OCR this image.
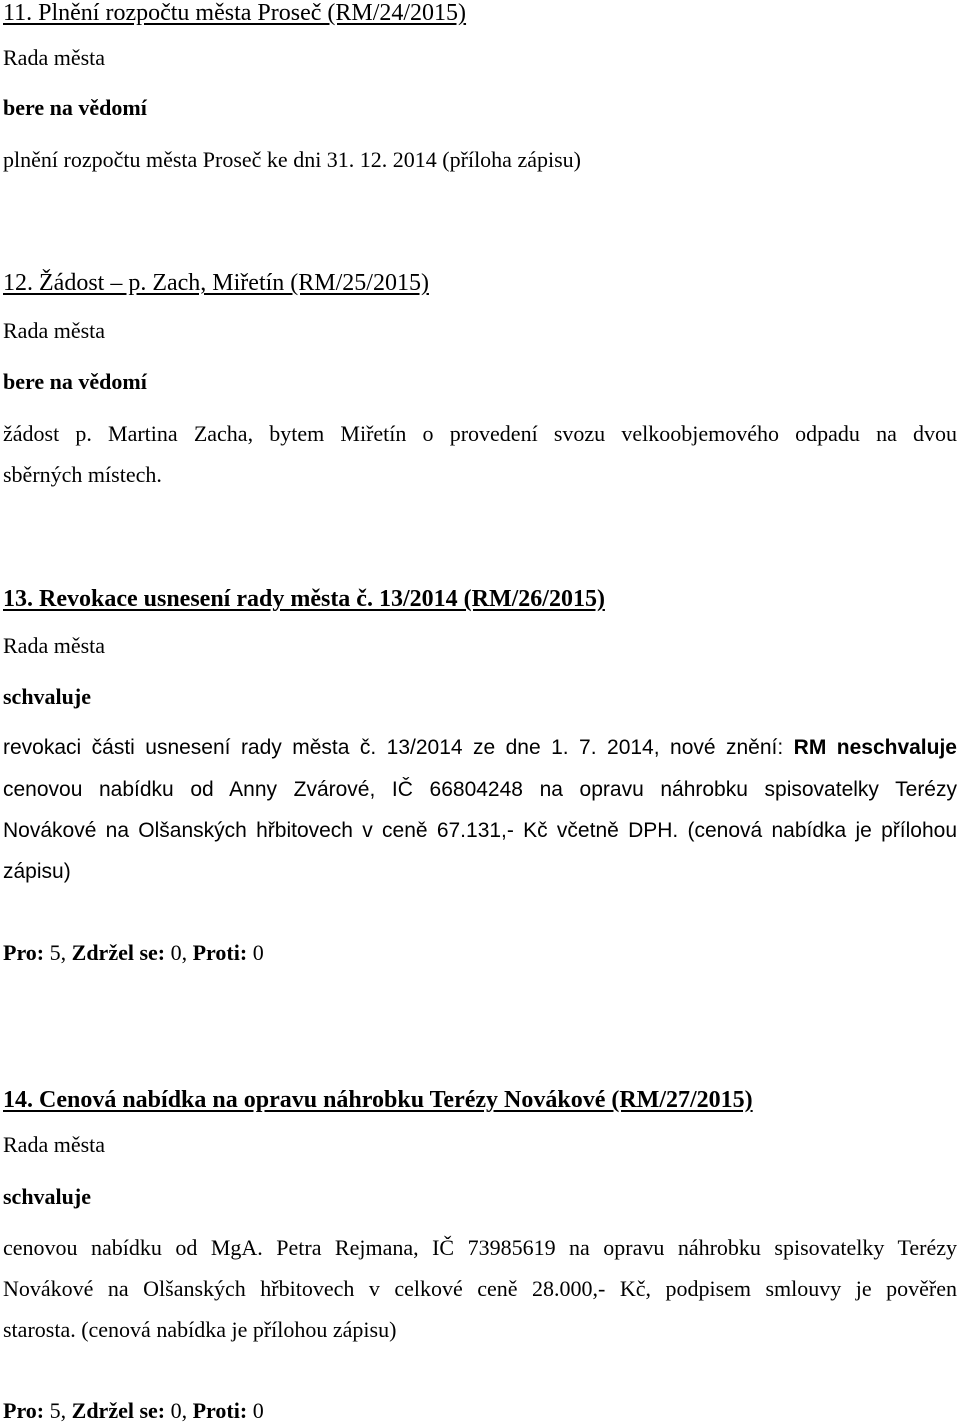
11. Plnění rozpočtu města Proseč (RM/24/2015)
Rada města
bere na vědomí
plnění rozpočtu města Proseč ke dni 31. 12. 2014 (příloha zápisu)
12. Žádost – p. Zach, Miřetín (RM/25/2015)
Rada města
bere na vědomí
žádost p. Martina Zacha, bytem Miřetín o provedení svozu velkoobjemového odpadu na dvou
sběrných místech.
13. Revokace usnesení rady města č. 13/2014 (RM/26/2015)
Rada města
schvaluje
revokaci části usnesení rady města č. 13/2014 ze dne 1. 7. 2014, nové znění: RM neschvaluje
cenovou nabídku od Anny Zvárové, IČ 66804248 na opravu náhrobku spisovatelky Terézy
Novákové na Olšanských hřbitovech v ceně 67.131,- Kč včetně DPH. (cenová nabídka je přílohou
zápisu)
Pro: 5, Zdržel se: 0, Proti: 0
14. Cenová nabídka na opravu náhrobku Terézy Novákové (RM/27/2015)
Rada města
schvaluje
cenovou nabídku od MgA. Petra Rejmana, IČ 73985619 na opravu náhrobku spisovatelky Terézy
Novákové na Olšanských hřbitovech v celkové ceně 28.000,- Kč, podpisem smlouvy je pověřen
starosta. (cenová nabídka je přílohou zápisu)
Pro: 5, Zdržel se: 0, Proti: 0
